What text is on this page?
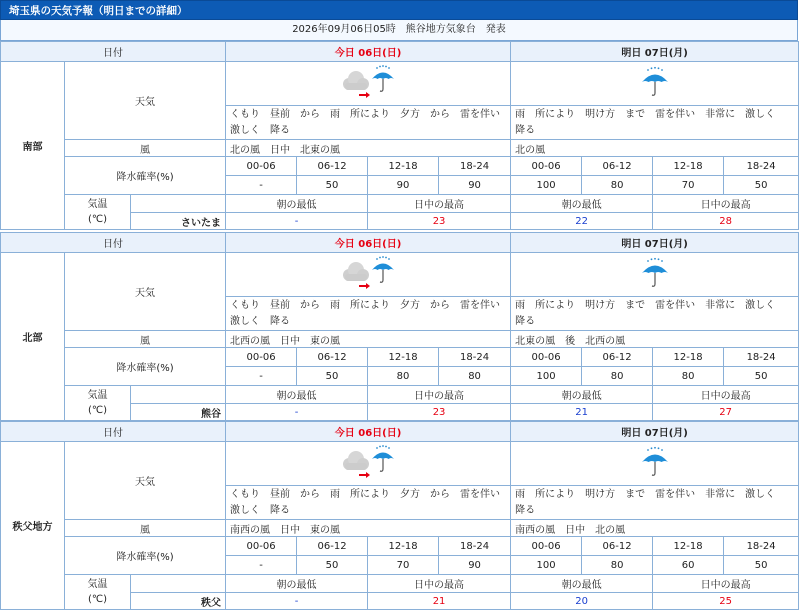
埼玉県の天気予報（明日までの詳細）
2026年09月06日05時　熊谷地方気象台　発表
日付			今日 06日(日)				明日 07日(月)			
南部	天気		
			くもり　昼前　から　雨　所により　夕方　から　雷を伴い　激しく　降る				雨　所により　明け方　まで　雷を伴い　非常に　激しく　降る			
	風		北の風　日中　北東の風				北の風			
	降水確率(%)		00-06	06-12	12-18	18-24	00-06	06-12	12-18	18-24
			-	50	90	90	100	80	70	50
	気温
(℃)		朝の最低		日中の最高		朝の最低		日中の最高	
		さいたま	-		23		22		28	
日付			今日 06日(日)				明日 07日(月)			
北部	天気		
			くもり　昼前　から　雨　所により　夕方　から　雷を伴い　激しく　降る				雨　所により　明け方　まで　雷を伴い　非常に　激しく　降る			
	風		北西の風　日中　東の風				北東の風　後　北西の風			
	降水確率(%)		00-06	06-12	12-18	18-24	00-06	06-12	12-18	18-24
			-	50	80	80	100	80	80	50
	気温
(℃)		朝の最低		日中の最高		朝の最低		日中の最高	
		熊谷	-		23		21		27	
日付			今日 06日(日)				明日 07日(月)			
秩父地方	天気		
			くもり　昼前　から　雨　所により　夕方　から　雷を伴い　激しく　降る				雨　所により　明け方　まで　雷を伴い　非常に　激しく　降る			
	風		南西の風　日中　東の風				南西の風　日中　北の風			
	降水確率(%)		00-06	06-12	12-18	18-24	00-06	06-12	12-18	18-24
			-	50	70	90	100	80	60	50
	気温
(℃)		朝の最低		日中の最高		朝の最低		日中の最高	
		秩父	-		21		20		25	
